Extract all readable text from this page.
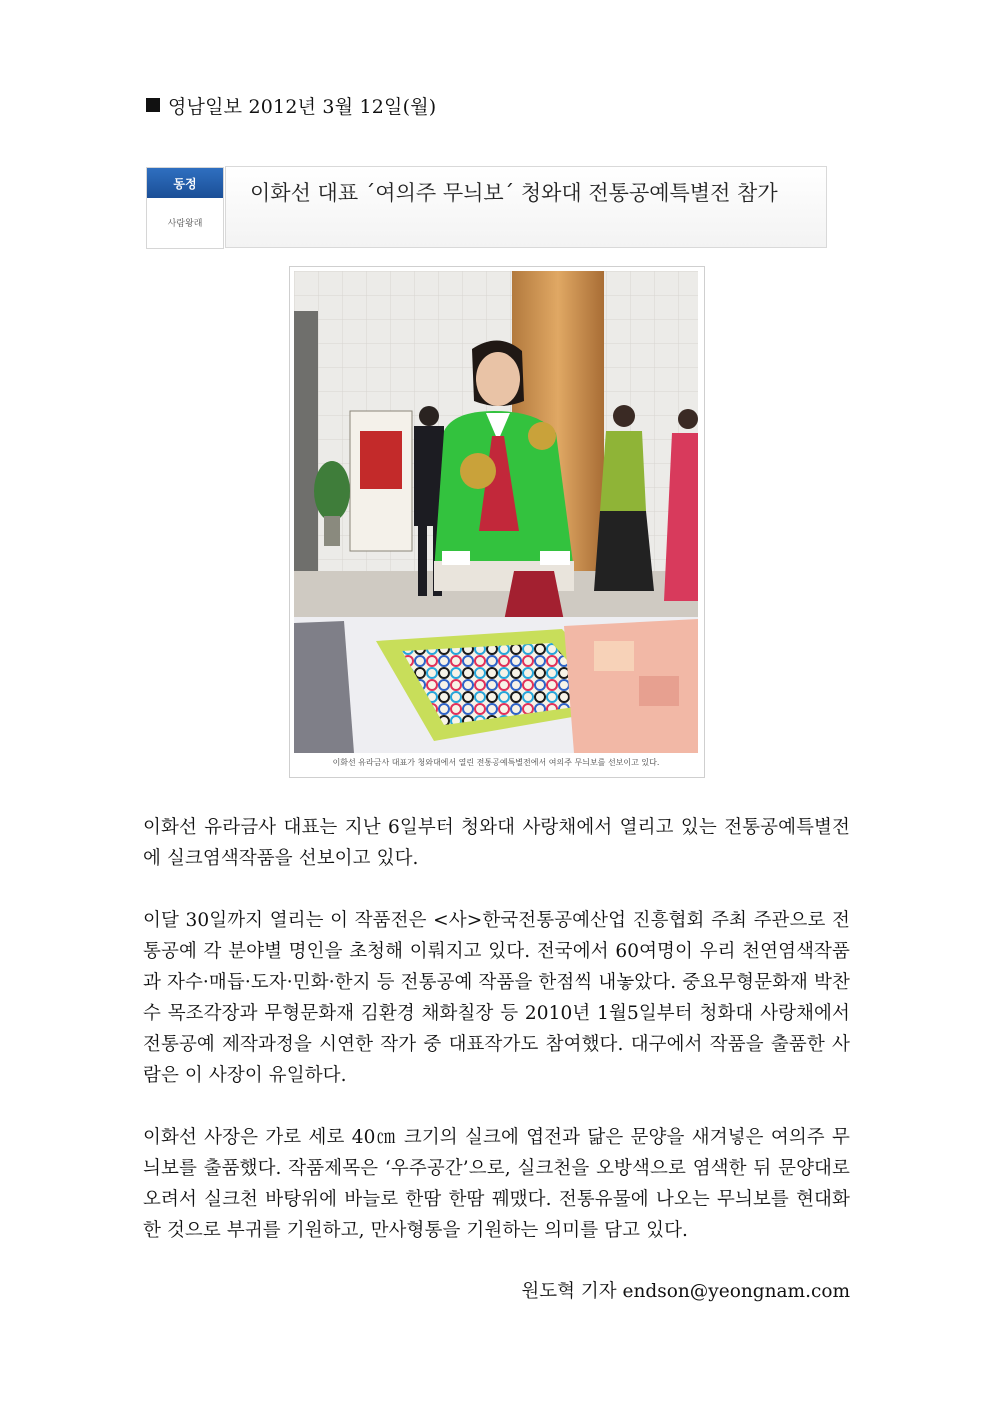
영남일보 2012년 3월 12일(월)
동정
사람왕래
이화선 대표 ´여의주 무늬보´ 청와대 전통공예특별전 참가
이화선 유라금사 대표가 청와대에서 열린 전통공예특별전에서 여의주 무늬보를 선보이고 있다.
이화선 유라금사 대표는 지난 6일부터 청와대 사랑채에서 열리고 있는 전통공예특별전에 실크염색작품을 선보이고 있다.
이달 30일까지 열리는 이 작품전은 <사>한국전통공예산업 진흥협회 주최 주관으로 전통공예 각 분야별 명인을 초청해 이뤄지고 있다. 전국에서 60여명이 우리 천연염색작품과 자수·매듭·도자·민화·한지 등 전통공예 작품을 한점씩 내놓았다. 중요무형문화재 박찬수 목조각장과 무형문화재 김환경 채화칠장 등 2010년 1월5일부터 청화대 사랑채에서 전통공예 제작과정을 시연한 작가 중 대표작가도 참여했다. 대구에서 작품을 출품한 사람은 이 사장이 유일하다.
이화선 사장은 가로 세로 40㎝ 크기의 실크에 엽전과 닮은 문양을 새겨넣은 여의주 무늬보를 출품했다. 작품제목은 ‘우주공간’으로, 실크천을 오방색으로 염색한 뒤 문양대로 오려서 실크천 바탕위에 바늘로 한땀 한땀 꿰맸다. 전통유물에 나오는 무늬보를 현대화한 것으로 부귀를 기원하고, 만사형통을 기원하는 의미를 담고 있다.
원도혁 기자 endson@yeongnam.com
